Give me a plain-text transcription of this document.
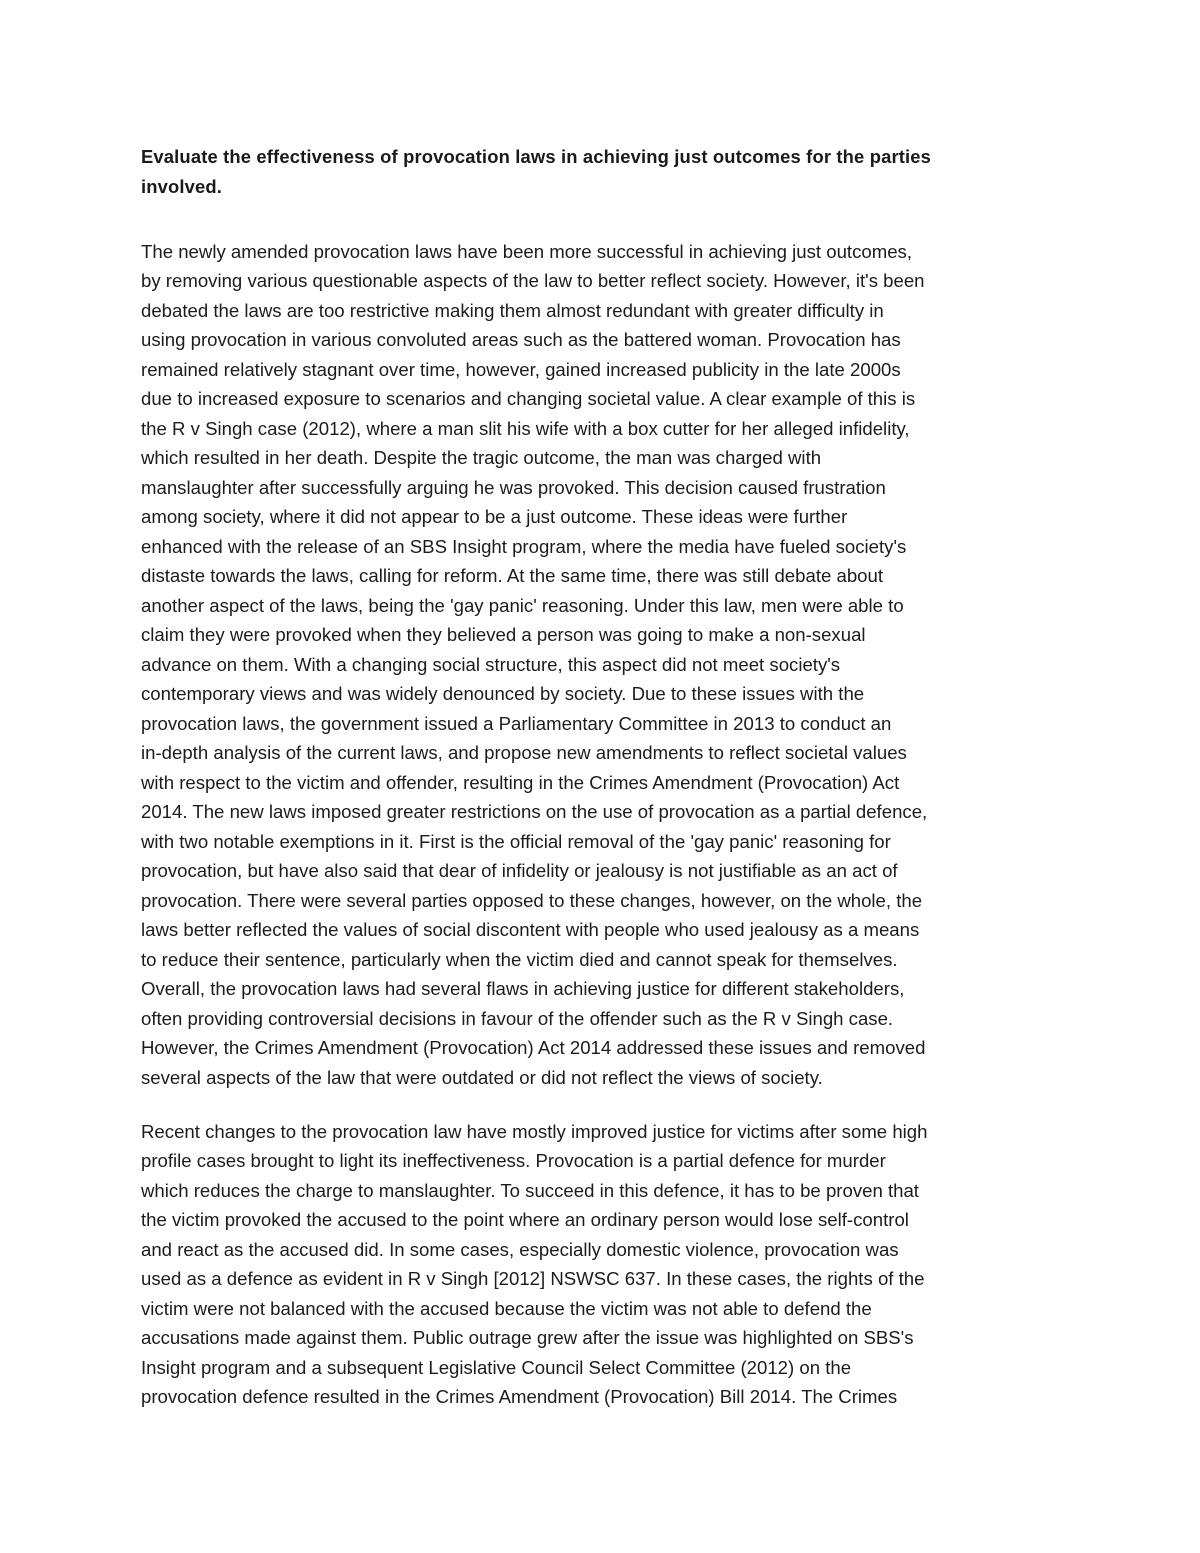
Evaluate the effectiveness of provocation laws in achieving just outcomes for the parties
involved.
The newly amended provocation laws have been more successful in achieving just outcomes,
by removing various questionable aspects of the law to better reflect society. However, it's been
debated the laws are too restrictive making them almost redundant with greater difficulty in
using provocation in various convoluted areas such as the battered woman. Provocation has
remained relatively stagnant over time, however, gained increased publicity in the late 2000s
due to increased exposure to scenarios and changing societal value. A clear example of this is
the R v Singh case (2012), where a man slit his wife with a box cutter for her alleged infidelity,
which resulted in her death. Despite the tragic outcome, the man was charged with
manslaughter after successfully arguing he was provoked. This decision caused frustration
among society, where it did not appear to be a just outcome. These ideas were further
enhanced with the release of an SBS Insight program, where the media have fueled society's
distaste towards the laws, calling for reform. At the same time, there was still debate about
another aspect of the laws, being the 'gay panic' reasoning. Under this law, men were able to
claim they were provoked when they believed a person was going to make a non-sexual
advance on them. With a changing social structure, this aspect did not meet society's
contemporary views and was widely denounced by society. Due to these issues with the
provocation laws, the government issued a Parliamentary Committee in 2013 to conduct an
in-depth analysis of the current laws, and propose new amendments to reflect societal values
with respect to the victim and offender, resulting in the Crimes Amendment (Provocation) Act
2014. The new laws imposed greater restrictions on the use of provocation as a partial defence,
with two notable exemptions in it. First is the official removal of the 'gay panic' reasoning for
provocation, but have also said that dear of infidelity or jealousy is not justifiable as an act of
provocation. There were several parties opposed to these changes, however, on the whole, the
laws better reflected the values of social discontent with people who used jealousy as a means
to reduce their sentence, particularly when the victim died and cannot speak for themselves.
Overall, the provocation laws had several flaws in achieving justice for different stakeholders,
often providing controversial decisions in favour of the offender such as the R v Singh case.
However, the Crimes Amendment (Provocation) Act 2014 addressed these issues and removed
several aspects of the law that were outdated or did not reflect the views of society.
Recent changes to the provocation law have mostly improved justice for victims after some high
profile cases brought to light its ineffectiveness. Provocation is a partial defence for murder
which reduces the charge to manslaughter. To succeed in this defence, it has to be proven that
the victim provoked the accused to the point where an ordinary person would lose self-control
and react as the accused did. In some cases, especially domestic violence, provocation was
used as a defence as evident in R v Singh [2012] NSWSC 637. In these cases, the rights of the
victim were not balanced with the accused because the victim was not able to defend the
accusations made against them. Public outrage grew after the issue was highlighted on SBS's
Insight program and a subsequent Legislative Council Select Committee (2012) on the
provocation defence resulted in the Crimes Amendment (Provocation) Bill 2014. The Crimes
